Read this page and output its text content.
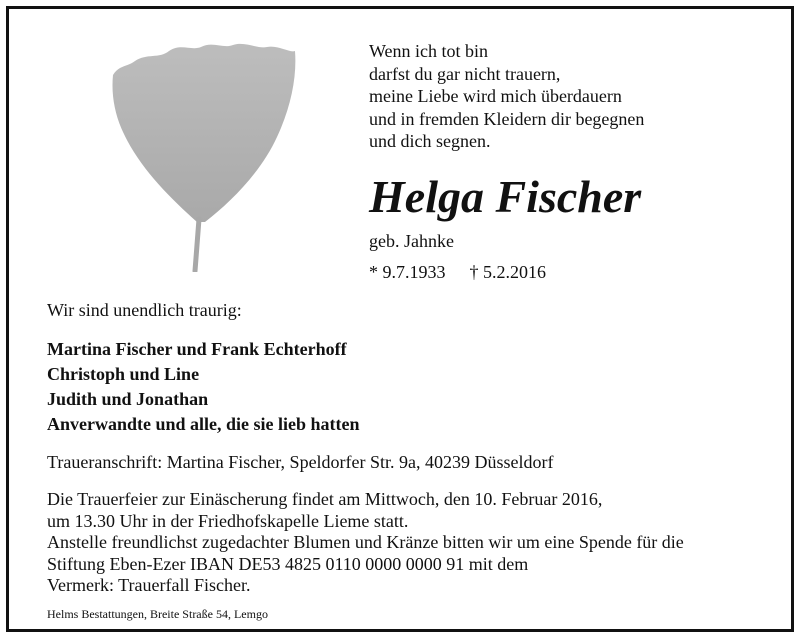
Wenn ich tot bin
darfst du gar nicht trauern,
meine Liebe wird mich überdauern
und in fremden Kleidern dir begegnen
und dich segnen.
Helga Fischer
geb. Jahnke
* 9.7.1933 † 5.2.2016
Wir sind unendlich traurig:
Martina Fischer und Frank Echterhoff
Christoph und Line
Judith und Jonathan
Anverwandte und alle, die sie lieb hatten
Traueranschrift: Martina Fischer, Speldorfer Str. 9a, 40239 Düsseldorf
Die Trauerfeier zur Einäscherung findet am Mittwoch, den 10. Februar 2016,
um 13.30 Uhr in der Friedhofskapelle Lieme statt.
Anstelle freundlichst zugedachter Blumen und Kränze bitten wir um eine Spende für die
Stiftung Eben-Ezer IBAN DE53 4825 0110 0000 0000 91 mit dem
Vermerk: Trauerfall Fischer.
Helms Bestattungen, Breite Straße 54, Lemgo
